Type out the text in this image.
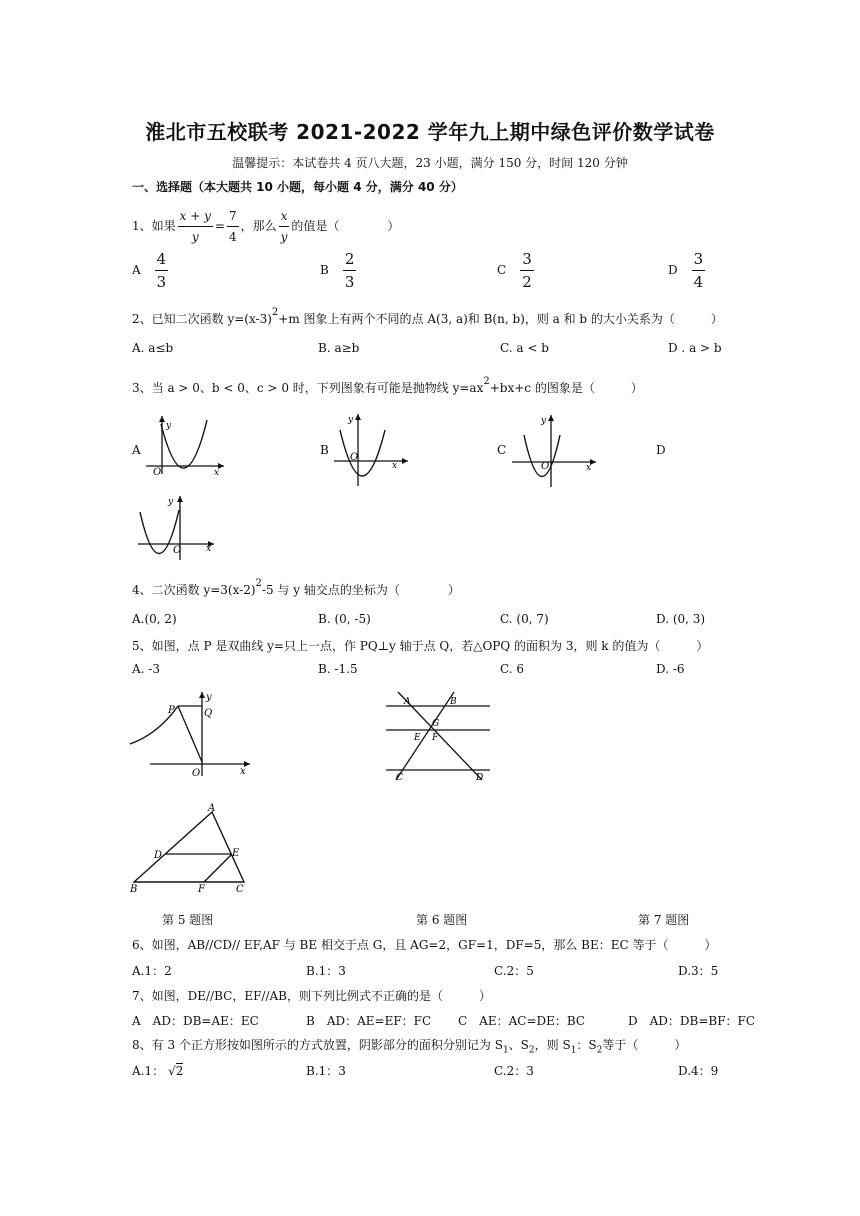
淮北市五校联考 2021-2022 学年九上期中绿色评价数学试卷
温馨提示：本试卷共 4 页八大题，23 小题，满分 150 分，时间 120 分钟
一、选择题（本大题共 10 小题，每小题 4 分，满分 40 分）
1、如果 $\frac{x + y}{y} = \frac{7}{4}$ ，那么 $\frac{x}{y}$ 的值是（　　　　）
A $\frac{4}{3}$	B $\frac{2}{3}$	C $\frac{3}{2}$	D $\frac{3}{4}$
2、已知二次函数 $y=(x-3)^2+m$ 图象上有两个不同的点 A(3, a)和 B(n, b)，则 a 和 b 的大小关系为（　　　）
A. a≤b	B. a≥b	C. a < b	D . a > b
3、当 a > 0、b < 0、c > 0 时，下列图象有可能是抛物线 $y=ax^2+bx+c$ 的图象是（　　　）
A	B	C	D
y
O	x
y
O
x
y
O	x
y
O	x
4、二次函数 $y=3(x-2)^2-5$ 与 y 轴交点的坐标为（　　　　）
A.(0, 2)	B. (0, -5)	C. (0, 7)	D. (0, 3)
5、如图，点 P 是双曲线 y=只上一点，作 PQ⊥y 轴于点 Q，若△OPQ 的面积为 3，则 k 的值为（　　　）
A. -3	B. -1.5	C. 6	D. -6
P	Q
O	x
y	A	B
G
E F
C	D
A
D	E
B	F	C
第 5 题图	第 6 题图	第 7 题图
6、如图，AB//CD// EF,AF 与 BE 相交于点 G，且 AG=2，GF=1，DF=5，那么 BE：EC 等于（　　　）
A.1：2	B.1：3	C.2：5	D.3：5
7、如图，DE//BC，EF//AB，则下列比例式不正确的是（　　　）
A　AD：DB=AE：EC	B　AD：AE=EF：FC C　AE：AC=DE：BC	D　AD：DB=BF：FC
8、有 3 个正方形按如图所示的方式放置，阴影部分的面积分别记为 $S_1$、$S_2$，则 $S_1$：$S_2$等于（　　　）
A.1： √2	B.1：3	C.2：3	D.4：9
